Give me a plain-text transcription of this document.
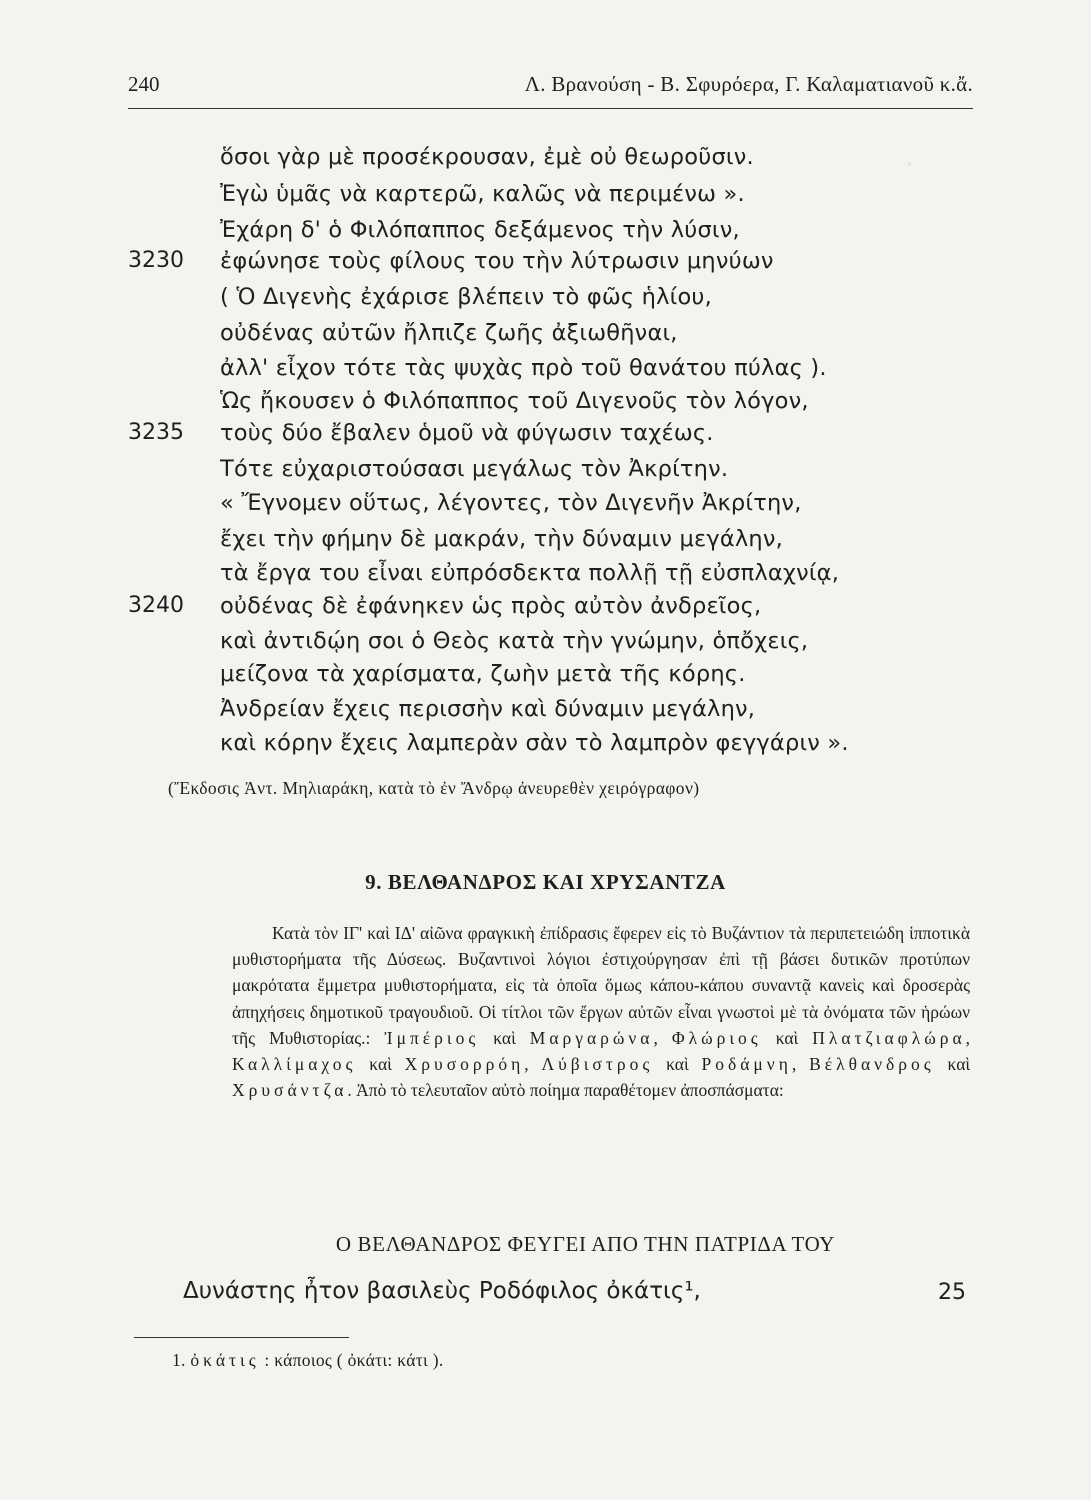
·
240	Λ. Βρανούση - Β. Σφυρόερα, Γ. Καλαματιανοῦ κ.ἄ.
ὅσοι γὰρ μὲ προσέκρουσαν, ἐμὲ οὐ θεωροῦσιν.
Ἐγὼ ὑμᾶς νὰ καρτερῶ, καλῶς νὰ περιμένω ».
Ἐχάρη δ' ὁ Φιλόπαππος δεξάμενος τὴν λύσιν,
3230 ἐφώνησε τοὺς φίλους του τὴν λύτρωσιν μηνύων
( Ὁ Διγενὴς ἐχάρισε βλέπειν τὸ φῶς ἡλίου,
οὐδένας αὐτῶν ἤλπιζε ζωῆς ἀξιωθῆναι,
ἀλλ' εἶχον τότε τὰς ψυχὰς πρὸ τοῦ θανάτου πύλας ).
Ὡς ἤκουσεν ὁ Φιλόπαππος τοῦ Διγενοῦς τὸν λόγον,
3235 τοὺς δύο ἔβαλεν ὁμοῦ νὰ φύγωσιν ταχέως.
Τότε εὐχαριστούσασι μεγάλως τὸν Ἀκρίτην.
« Ἔγνομεν οὕτως, λέγοντες, τὸν Διγενῆν Ἀκρίτην,
ἔχει τὴν φήμην δὲ μακράν, τὴν δύναμιν μεγάλην,
τὰ ἔργα του εἶναι εὐπρόσδεκτα πολλῇ τῇ εὐσπλαχνίᾳ,
3240 οὐδένας δὲ ἐφάνηκεν ὡς πρὸς αὐτὸν ἀνδρεῖος,
καὶ ἀντιδῴη σοι ὁ Θεὸς κατὰ τὴν γνώμην, ὁπὄχεις,
μείζονα τὰ χαρίσματα, ζωὴν μετὰ τῆς κόρης.
Ἀνδρείαν ἔχεις περισσὴν καὶ δύναμιν μεγάλην,
καὶ κόρην ἔχεις λαμπερὰν σὰν τὸ λαμπρὸν φεγγάριν ».
(Ἔκδοσις Ἀντ. Μηλιαράκη, κατὰ τὸ ἐν Ἄνδρῳ ἀνευρεθὲν χειρόγραφον)
9. ΒΕΛΘΑΝΔΡΟΣ ΚΑΙ ΧΡΥΣΑΝΤΖΑ

Κατὰ τὸν ΙΓ' καὶ ΙΔ' αἰῶνα φραγκικὴ ἐπίδρασις ἔφερεν εἰς τὸ Βυζάντιον τὰ περιπετειώδη ἱπποτικὰ μυθιστορήματα τῆς Δύσεως. Βυζαντινοὶ λόγιοι ἐστιχούργησαν ἐπὶ τῇ βάσει δυτικῶν προτύπων μακρότατα ἔμμετρα μυθιστορήματα, εἰς τὰ ὁποῖα ὅμως κάπου-κάπου συναντᾷ κανεὶς καὶ δροσερὰς ἀπηχήσεις δημοτικοῦ τραγουδιοῦ. Οἱ τίτλοι τῶν ἔργων αὐτῶν εἶναι γνωστοὶ μὲ τὰ ὀνόματα τῶν ἡρώων τῆς Μυθιστορίας.: Ἰμπέριος καὶ Μαργαρώνα, Φλώριος καὶ Πλατζιαφλώρα, Καλλίμαχος καὶ Χρυσορρόη, Λύβιστρος καὶ Ροδάμνη, Βέλθανδρος καὶ Χρυσάντζα. Ἀπὸ τὸ τελευταῖον αὐτὸ ποίημα παραθέτομεν ἀποσπάσματα:

Ο ΒΕΛΘΑΝΔΡΟΣ ΦΕΥΓΕΙ ΑΠΟ ΤΗΝ ΠΑΤΡΙΔΑ ΤΟΥ
Δυνάστης ἦτον βασιλεὺς Ροδόφιλος ὀκάτις¹,	25
1. ὀκάτις : κάποιος ( ὀκάτι: κάτι ).
